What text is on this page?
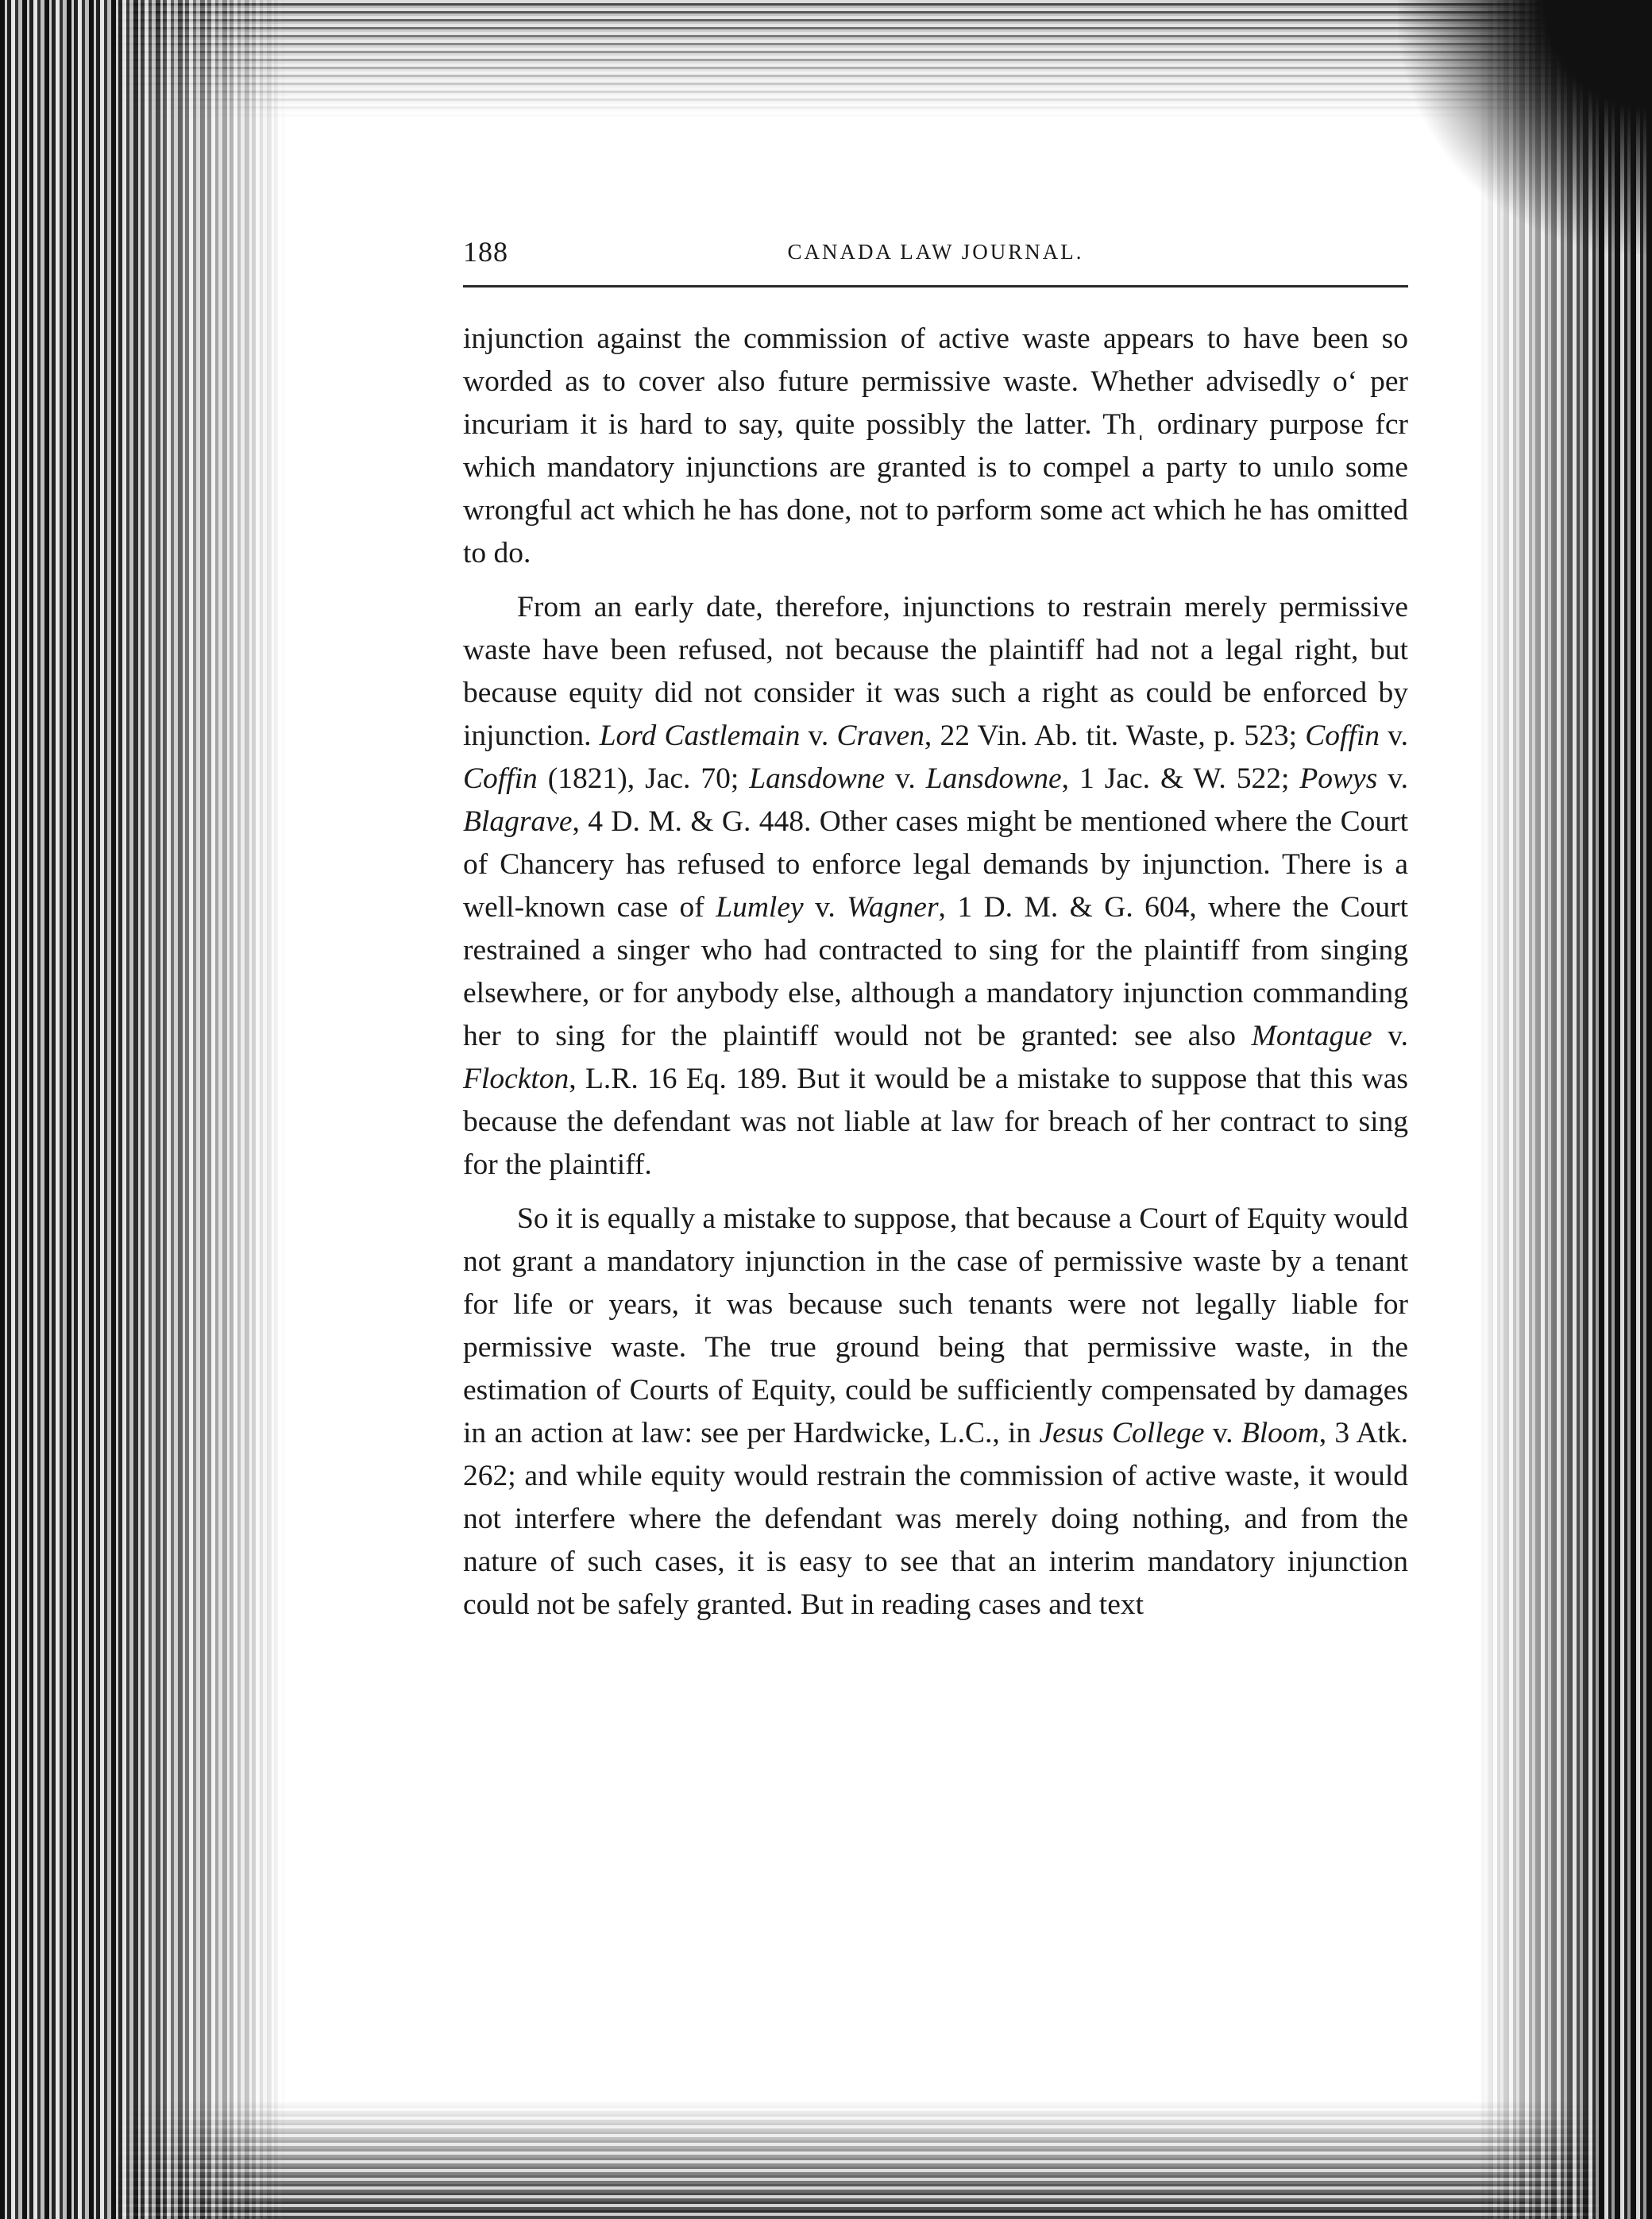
188	CANADA LAW JOURNAL.

injunction against the commission of active waste appears to have been so worded as to cover also future permissive waste. Whether advisedly oʻ per incuriam it is hard to say, quite possibly the latter. Thˌ ordinary purpose fcr which mandatory injunctions are granted is to compel a party to unılo some wrongful act which he has done, not to pərform some act which he has omitted to do.

From an early date, therefore, injunctions to restrain merely permissive waste have been refused, not because the plaintiff had not a legal right, but because equity did not consider it was such a right as could be enforced by injunction. Lord Castlemain v. Craven, 22 Vin. Ab. tit. Waste, p. 523; Coffin v. Coffin (1821), Jac. 70; Lansdowne v. Lansdowne, 1 Jac. & W. 522; Powys v. Blagrave, 4 D. M. & G. 448. Other cases might be mentioned where the Court of Chancery has refused to enforce legal demands by injunction. There is a well-known case of Lumley v. Wagner, 1 D. M. & G. 604, where the Court restrained a singer who had contracted to sing for the plaintiff from singing elsewhere, or for anybody else, although a mandatory injunction commanding her to sing for the plaintiff would not be granted: see also Montague v. Flockton, L.R. 16 Eq. 189. But it would be a mistake to suppose that this was because the defendant was not liable at law for breach of her contract to sing for the plaintiff.

So it is equally a mistake to suppose, that because a Court of Equity would not grant a mandatory injunction in the case of permissive waste by a tenant for life or years, it was because such tenants were not legally liable for permissive waste. The true ground being that permissive waste, in the estimation of Courts of Equity, could be sufficiently compensated by damages in an action at law: see per Hardwicke, L.C., in Jesus College v. Bloom, 3 Atk. 262; and while equity would restrain the commission of active waste, it would not interfere where the defendant was merely doing nothing, and from the nature of such cases, it is easy to see that an interim mandatory injunction could not be safely granted. But in reading cases and text
